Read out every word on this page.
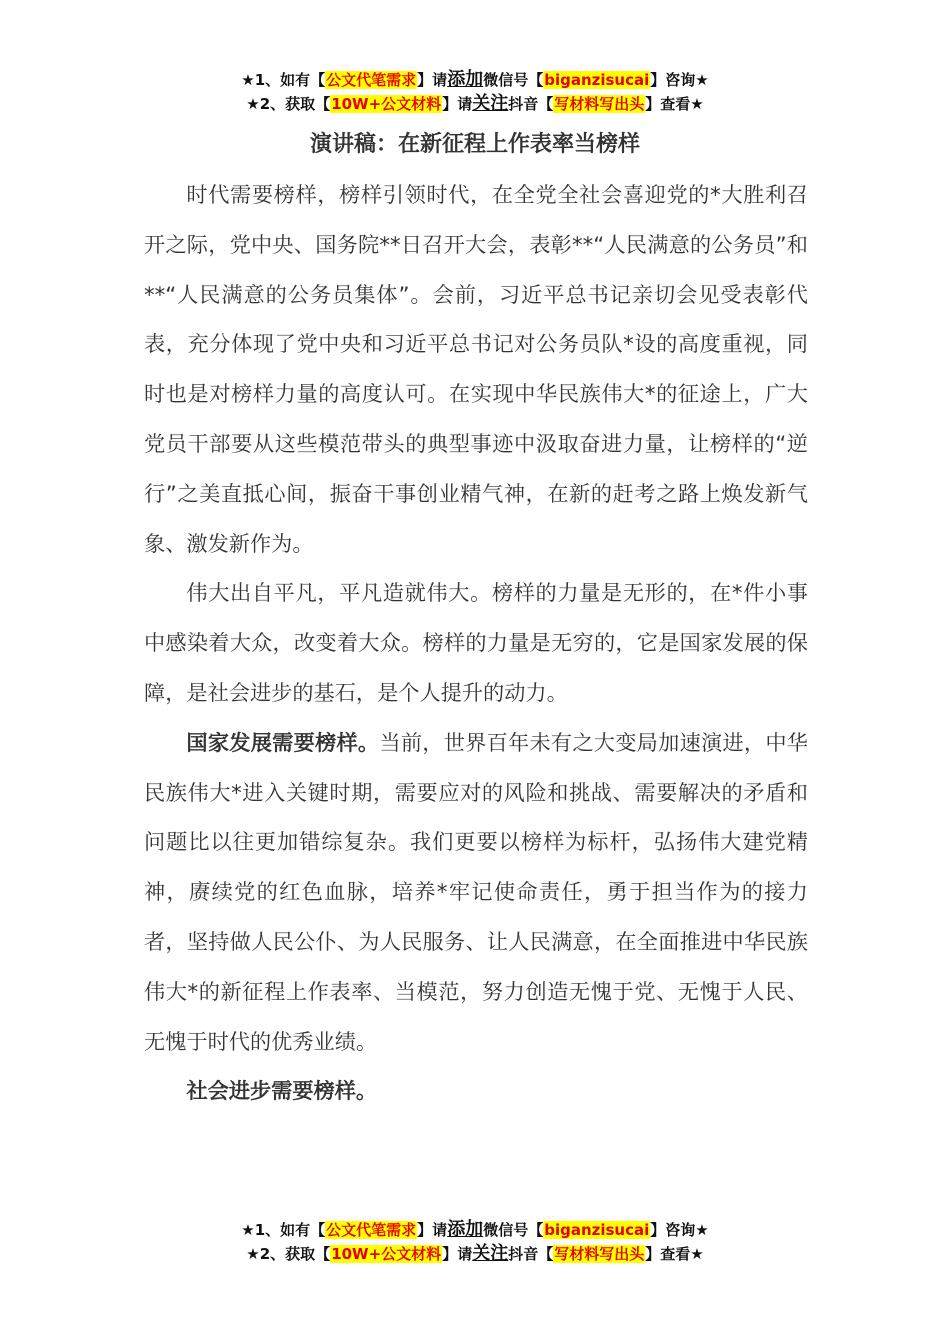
★1、如有【公文代笔需求】请添加微信号【biganzisucai】咨询★
★2、获取【10W+公文材料】请关注抖音【写材料写出头】查看★
演讲稿：在新征程上作表率当榜样

时代需要榜样，榜样引领时代，在全党全社会喜迎党的*大胜利召开之际，党中央、国务院**日召开大会，表彰**“人民满意的公务员”和**“人民满意的公务员集体”。会前，习近平总书记亲切会见受表彰代表，充分体现了党中央和习近平总书记对公务员队*设的高度重视，同时也是对榜样力量的高度认可。在实现中华民族伟大*的征途上，广大党员干部要从这些模范带头的典型事迹中汲取奋进力量，让榜样的“逆行”之美直抵心间，振奋干事创业精气神，在新的赶考之路上焕发新气象、激发新作为。

伟大出自平凡，平凡造就伟大。榜样的力量是无形的，在*件小事中感染着大众，改变着大众。榜样的力量是无穷的，它是国家发展的保障，是社会进步的基石，是个人提升的动力。

国家发展需要榜样。当前，世界百年未有之大变局加速演进，中华民族伟大*进入关键时期，需要应对的风险和挑战、需要解决的矛盾和问题比以往更加错综复杂。我们更要以榜样为标杆，弘扬伟大建党精神，赓续党的红色血脉，培养*牢记使命责任，勇于担当作为的接力者，坚持做人民公仆、为人民服务、让人民满意，在全面推进中华民族伟大*的新征程上作表率、当模范，努力创造无愧于党、无愧于人民、无愧于时代的优秀业绩。

社会进步需要榜样。

★1、如有【公文代笔需求】请添加微信号【biganzisucai】咨询★
★2、获取【10W+公文材料】请关注抖音【写材料写出头】查看★
